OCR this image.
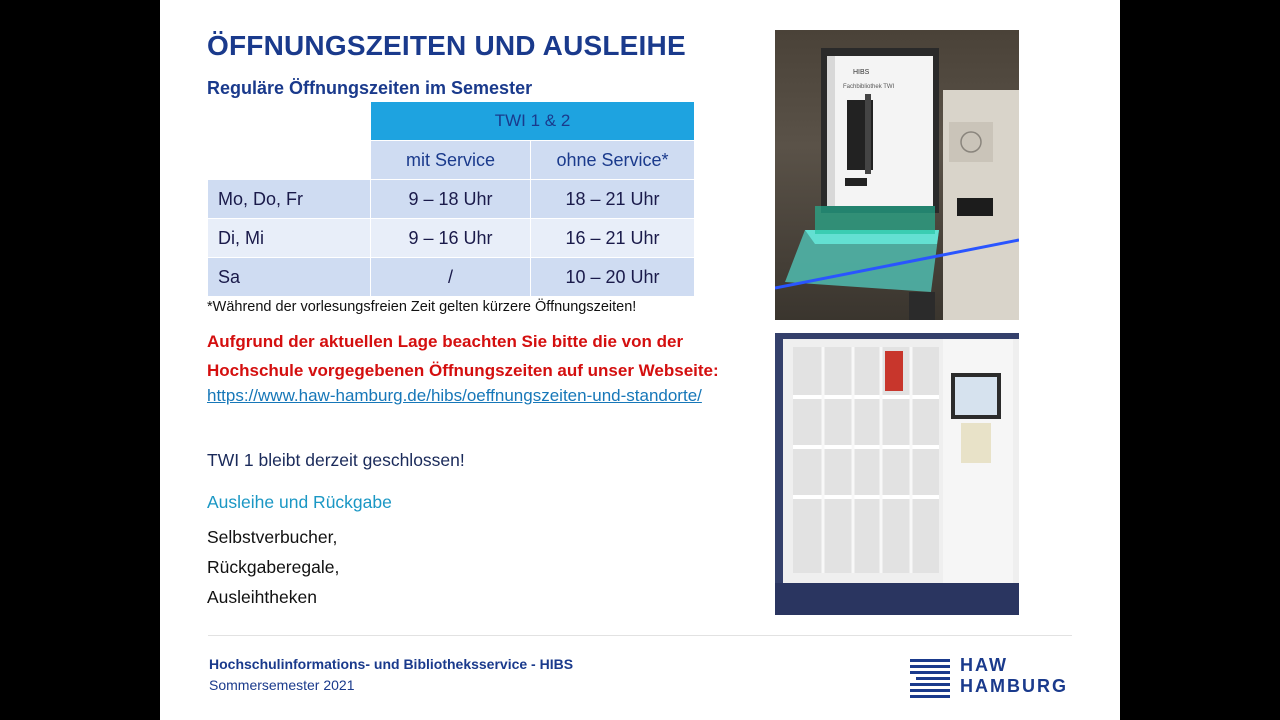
ÖFFNUNGSZEITEN UND AUSLEIHE
Reguläre Öffnungszeiten im Semester
	TWI 1 & 2	
	mit Service	ohne Service*
Mo, Do, Fr	9 – 18 Uhr	18 – 21 Uhr
Di, Mi	9 – 16 Uhr	16 – 21 Uhr
Sa	/	10 – 20 Uhr
*Während der vorlesungsfreien Zeit gelten kürzere Öffnungszeiten!
Aufgrund der aktuellen Lage beachten Sie bitte die von der
Hochschule vorgegebenen Öffnungszeiten auf unser Webseite:
https://www.haw-hamburg.de/hibs/oeffnungszeiten-und-standorte/
TWI 1 bleibt derzeit geschlossen!
Ausleihe und Rückgabe
Selbstverbucher,
Rückgaberegale,
Ausleihtheken
HIBS
Fachbibliothek TWI
Hochschulinformations- und Bibliotheksservice - HIBS
Sommersemester 2021
HAW
HAMBURG
